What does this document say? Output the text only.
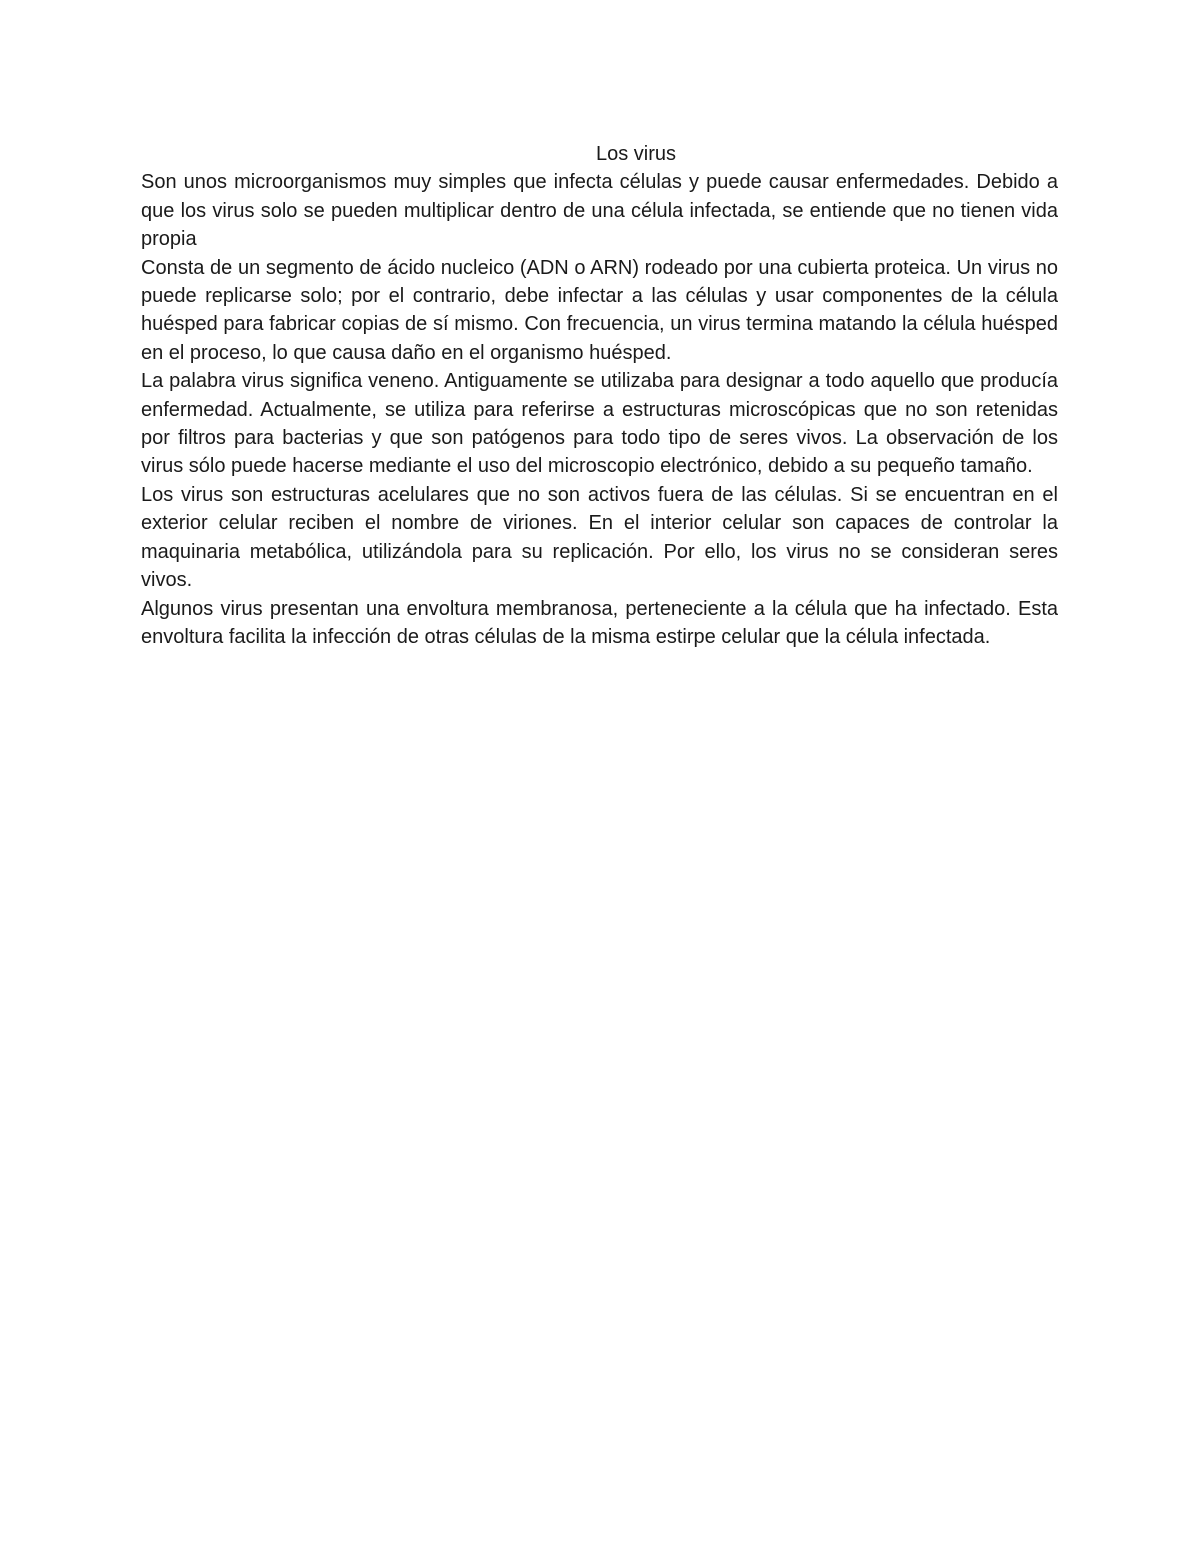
Los virus

Son unos microorganismos muy simples que infecta células y puede causar enfermedades. Debido a que los virus solo se pueden multiplicar dentro de una célula infectada, se entiende que no tienen vida propia

Consta de un segmento de ácido nucleico (ADN o ARN) rodeado por una cubierta proteica. Un virus no puede replicarse solo; por el contrario, debe infectar a las células y usar componentes de la célula huésped para fabricar copias de sí mismo. Con frecuencia, un virus termina matando la célula huésped en el proceso, lo que causa daño en el organismo huésped.

La palabra virus significa veneno. Antiguamente se utilizaba para designar a todo aquello que producía enfermedad. Actualmente, se utiliza para referirse a estructuras microscópicas que no son retenidas por filtros para bacterias y que son patógenos para todo tipo de seres vivos. La observación de los virus sólo puede hacerse mediante el uso del microscopio electrónico, debido a su pequeño tamaño.

Los virus son estructuras acelulares que no son activos fuera de las células. Si se encuentran en el exterior celular reciben el nombre de viriones. En el interior celular son capaces de controlar la maquinaria metabólica, utilizándola para su replicación. Por ello, los virus no se consideran seres vivos.

Algunos virus presentan una envoltura membranosa, perteneciente a la célula que ha infectado. Esta envoltura facilita la infección de otras células de la misma estirpe celular que la célula infectada.
